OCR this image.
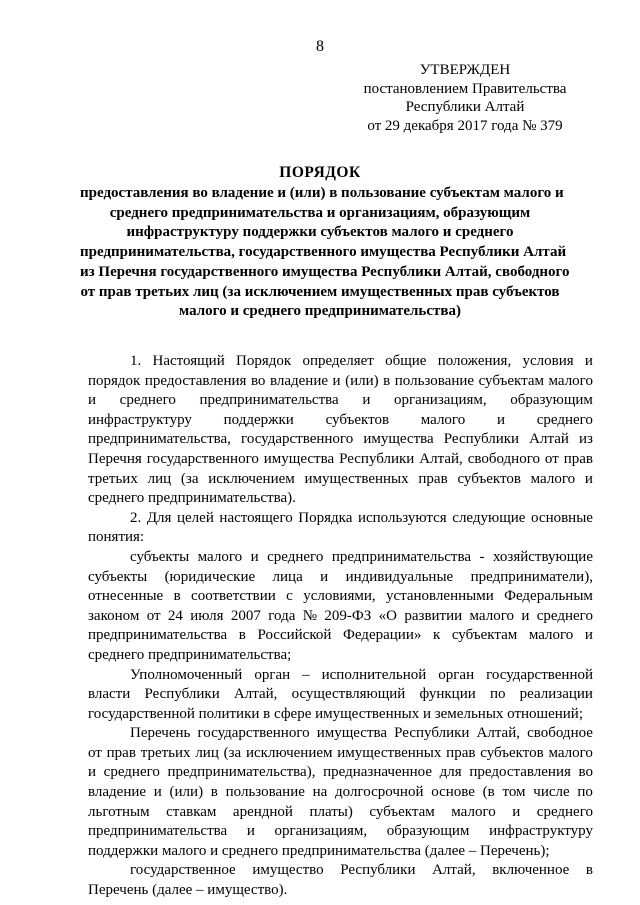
8
УТВЕРЖДЕН
постановлением Правительства
Республики Алтай
от 29 декабря 2017 года № 379
ПОРЯДОК
предоставления во владение и (или) в пользование субъектам малого и
среднего предпринимательства и организациям, образующим
инфраструктуру поддержки субъектов малого и среднего
предпринимательства, государственного имущества Республики Алтай
из Перечня государственного имущества Республики Алтай, свободного
от прав третьих лиц (за исключением имущественных прав субъектов
малого и среднего предпринимательства)
1. Настоящий Порядок определяет общие положения, условия и
порядок предоставления во владение и (или) в пользование субъектам малого
и среднего предпринимательства и организациям, образующим
инфраструктуру поддержки субъектов малого и среднего
предпринимательства, государственного имущества Республики Алтай из
Перечня государственного имущества Республики Алтай, свободного от прав
третьих лиц (за исключением имущественных прав субъектов малого и
среднего предпринимательства).
2. Для целей настоящего Порядка используются следующие основные
понятия:
субъекты малого и среднего предпринимательства - хозяйствующие
субъекты (юридические лица и индивидуальные предприниматели),
отнесенные в соответствии с условиями, установленными Федеральным
законом от 24 июля 2007 года № 209-ФЗ «О развитии малого и среднего
предпринимательства в Российской Федерации» к субъектам малого и
среднего предпринимательства;
Уполномоченный орган – исполнительной орган государственной
власти Республики Алтай, осуществляющий функции по реализации
государственной политики в сфере имущественных и земельных отношений;
Перечень государственного имущества Республики Алтай, свободное
от прав третьих лиц (за исключением имущественных прав субъектов малого
и среднего предпринимательства), предназначенное для предоставления во
владение и (или) в пользование на долгосрочной основе (в том числе по
льготным ставкам арендной платы) субъектам малого и среднего
предпринимательства и организациям, образующим инфраструктуру
поддержки малого и среднего предпринимательства (далее – Перечень);
государственное имущество Республики Алтай, включенное в
Перечень (далее – имущество).
